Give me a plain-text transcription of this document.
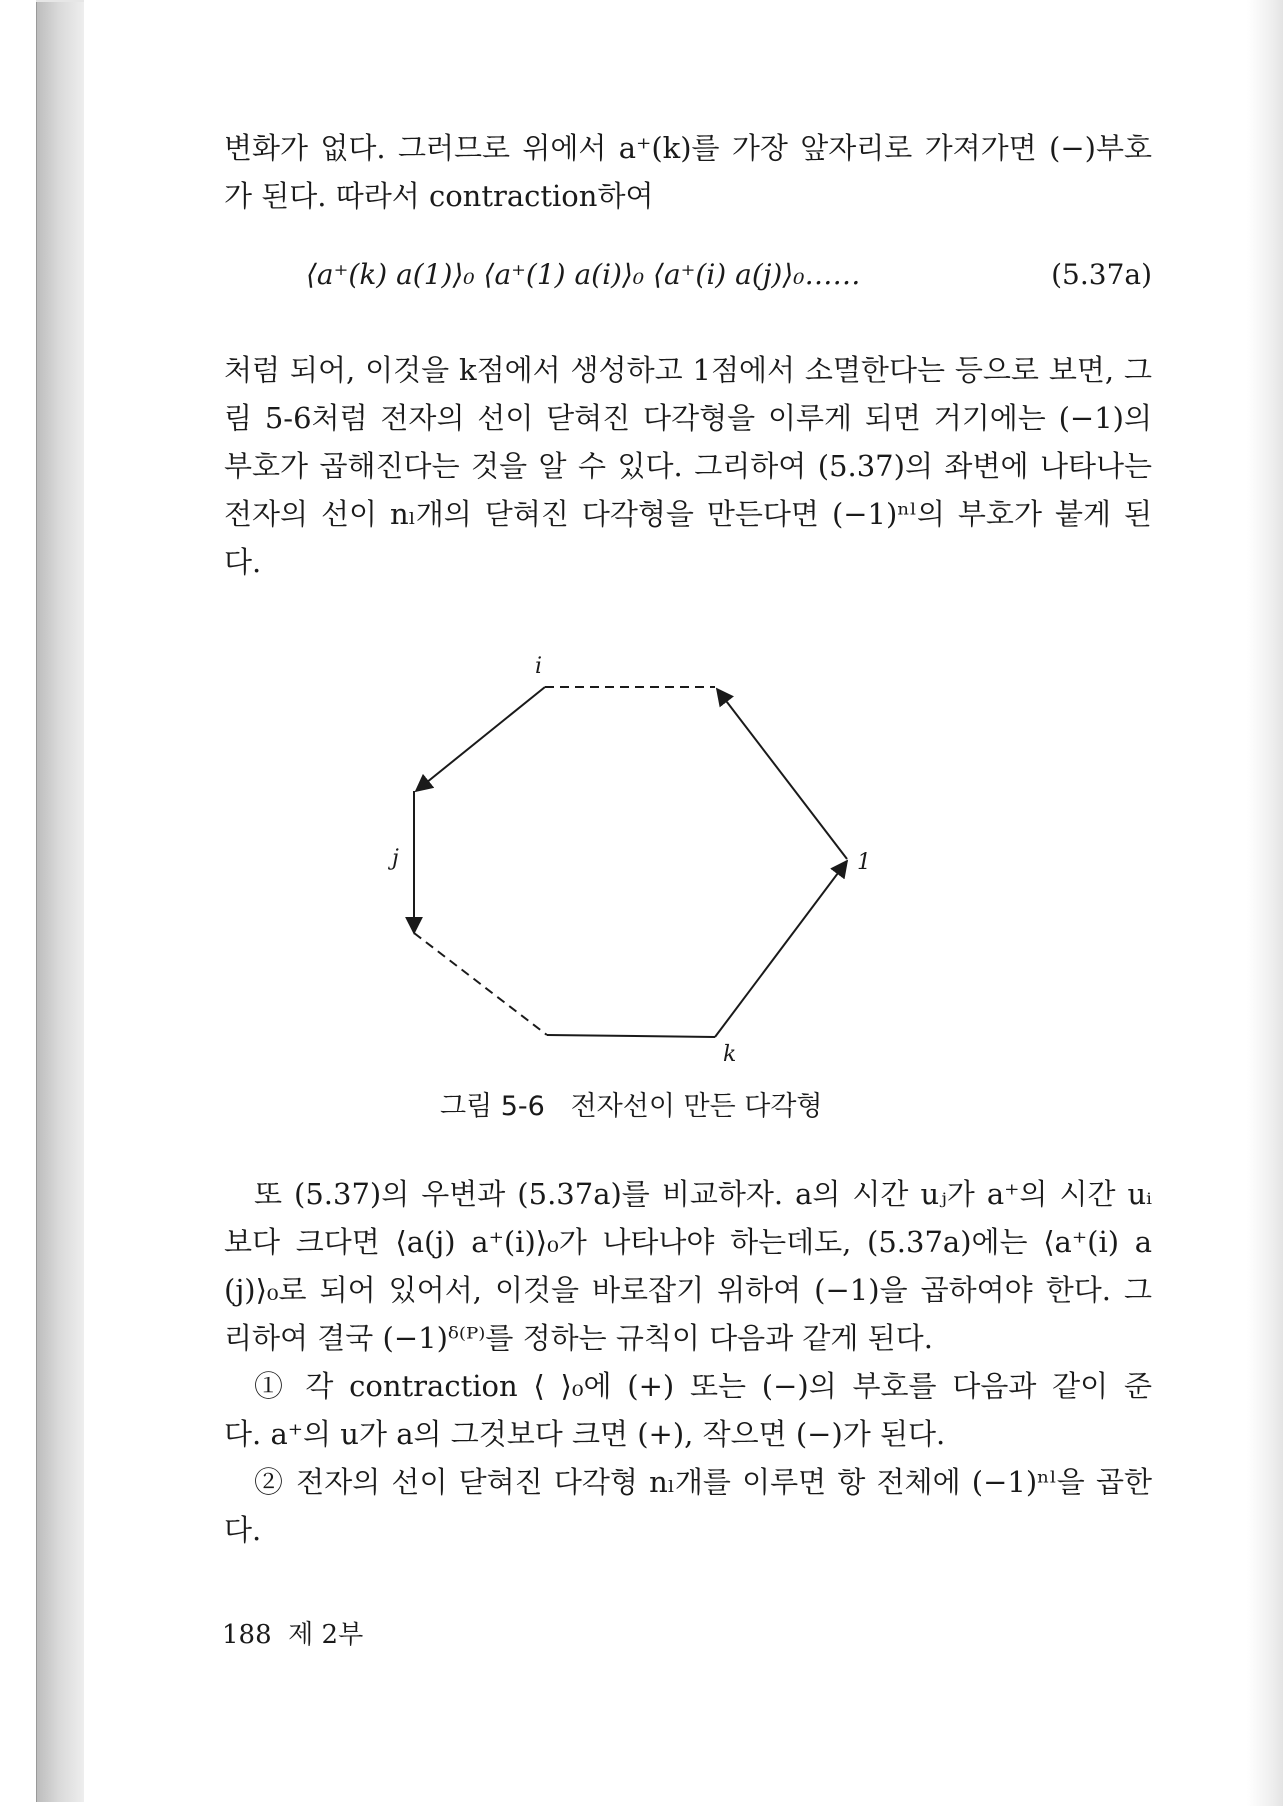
변화가 없다. 그러므로 위에서 a⁺(k)를 가장 앞자리로 가져가면 (−)부호
가 된다. 따라서 contraction하여
⟨a⁺(k) a(1)⟩₀ ⟨a⁺(1) a(i)⟩₀ ⟨a⁺(i) a(j)⟩₀……	(5.37a)
처럼 되어, 이것을 k점에서 생성하고 1점에서 소멸한다는 등으로 보면, 그
림 5-6처럼 전자의 선이 닫혀진 다각형을 이루게 되면 거기에는 (−1)의
부호가 곱해진다는 것을 알 수 있다. 그리하여 (5.37)의 좌변에 나타나는
전자의 선이 nₗ개의 닫혀진 다각형을 만든다면 (−1)ⁿˡ의 부호가 붙게 된
다.
i
j	1
k
그림 5-6   전자선이 만든 다각형
또 (5.37)의 우변과 (5.37a)를 비교하자. a의 시간 uⱼ가 a⁺의 시간 uᵢ
보다 크다면 ⟨a(j) a⁺(i)⟩₀가 나타나야 하는데도, (5.37a)에는 ⟨a⁺(i) a
(j)⟩₀로 되어 있어서, 이것을 바로잡기 위하여 (−1)을 곱하여야 한다. 그
리하여 결국 (−1)ᵟ⁽ᴾ⁾를 정하는 규칙이 다음과 같게 된다.
① 각 contraction ⟨ ⟩₀에 (+) 또는 (−)의 부호를 다음과 같이 준
다. a⁺의 u가 a의 그것보다 크면 (+), 작으면 (−)가 된다.
② 전자의 선이 닫혀진 다각형 nₗ개를 이루면 항 전체에 (−1)ⁿˡ을 곱한
다.
188  제 2부
